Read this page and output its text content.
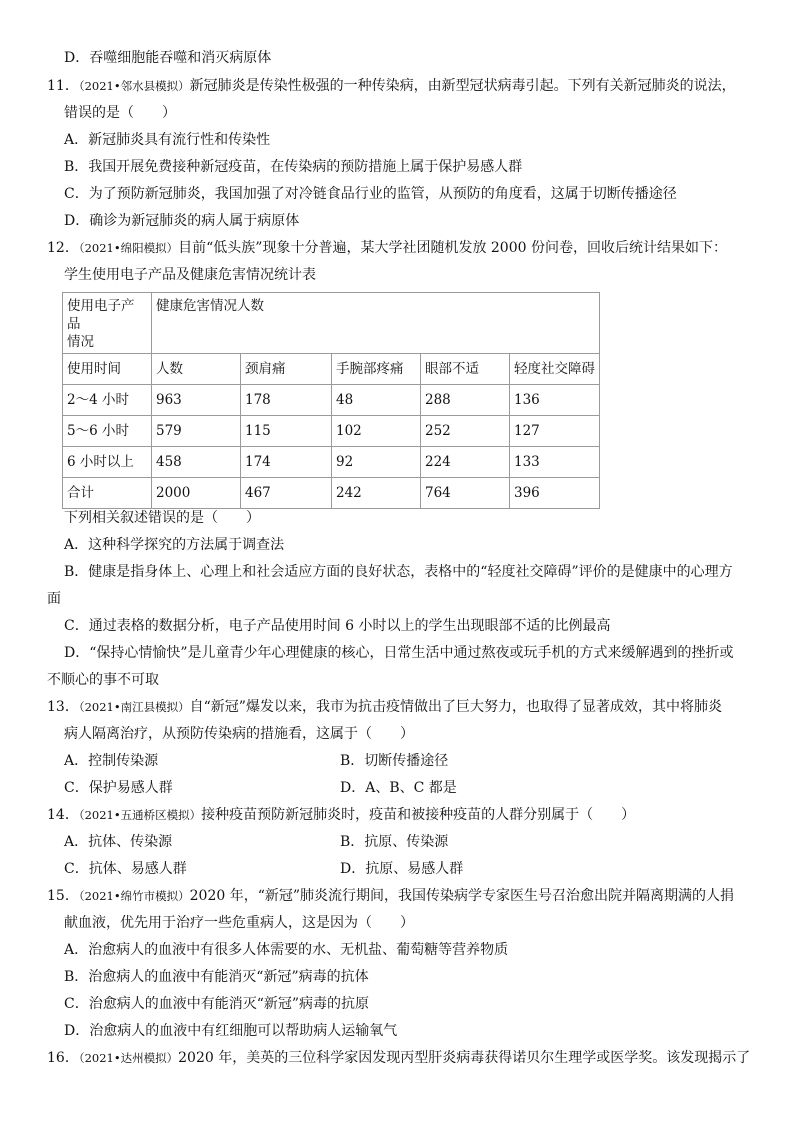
D．吞噬细胞能吞噬和消灭病原体
11．（2021•邻水县模拟）新冠肺炎是传染性极强的一种传染病，由新型冠状病毒引起。下列有关新冠肺炎的说法，
错误的是（　　）
A．新冠肺炎具有流行性和传染性
B．我国开展免费接种新冠疫苗，在传染病的预防措施上属于保护易感人群
C．为了预防新冠肺炎，我国加强了对冷链食品行业的监管，从预防的角度看，这属于切断传播途径
D．确诊为新冠肺炎的病人属于病原体
12．（2021•绵阳模拟）目前“低头族”现象十分普遍，某大学社团随机发放 2000 份问卷，回收后统计结果如下：
学生使用电子产品及健康危害情况统计表
使用电子产品
情况	健康危害情况人数				
使用时间	人数	颈肩痛	手腕部疼痛	眼部不适	轻度社交障碍
2～4 小时	963	178	48	288	136
5～6 小时	579	115	102	252	127
6 小时以上	458	174	92	224	133
合计	2000	467	242	764	396
下列相关叙述错误的是（　　）
A．这种科学探究的方法属于调查法
B．健康是指身体上、心理上和社会适应方面的良好状态，表格中的“轻度社交障碍”评价的是健康中的心理方
面
C．通过表格的数据分析，电子产品使用时间 6 小时以上的学生出现眼部不适的比例最高
D．“保持心情愉快”是儿童青少年心理健康的核心，日常生活中通过熬夜或玩手机的方式来缓解遇到的挫折或
不顺心的事不可取
13．（2021•南江县模拟）自“新冠”爆发以来，我市为抗击疫情做出了巨大努力，也取得了显著成效，其中将肺炎
病人隔离治疗，从预防传染病的措施看，这属于（　　）
A．控制传染源	B．切断传播途径
C．保护易感人群	D．A、B、C 都是
14．（2021•五通桥区模拟）接种疫苗预防新冠肺炎时，疫苗和被接种疫苗的人群分别属于（　　）
A．抗体、传染源	B．抗原、传染源
C．抗体、易感人群	D．抗原、易感人群
15．（2021•绵竹市模拟）2020 年，“新冠”肺炎流行期间，我国传染病学专家医生号召治愈出院并隔离期满的人捐
献血液，优先用于治疗一些危重病人，这是因为（　　）
A．治愈病人的血液中有很多人体需要的水、无机盐、葡萄糖等营养物质
B．治愈病人的血液中有能消灭“新冠”病毒的抗体
C．治愈病人的血液中有能消灭“新冠”病毒的抗原
D．治愈病人的血液中有红细胞可以帮助病人运输氧气
16．（2021•达州模拟）2020 年，美英的三位科学家因发现丙型肝炎病毒获得诺贝尔生理学或医学奖。该发现揭示了
